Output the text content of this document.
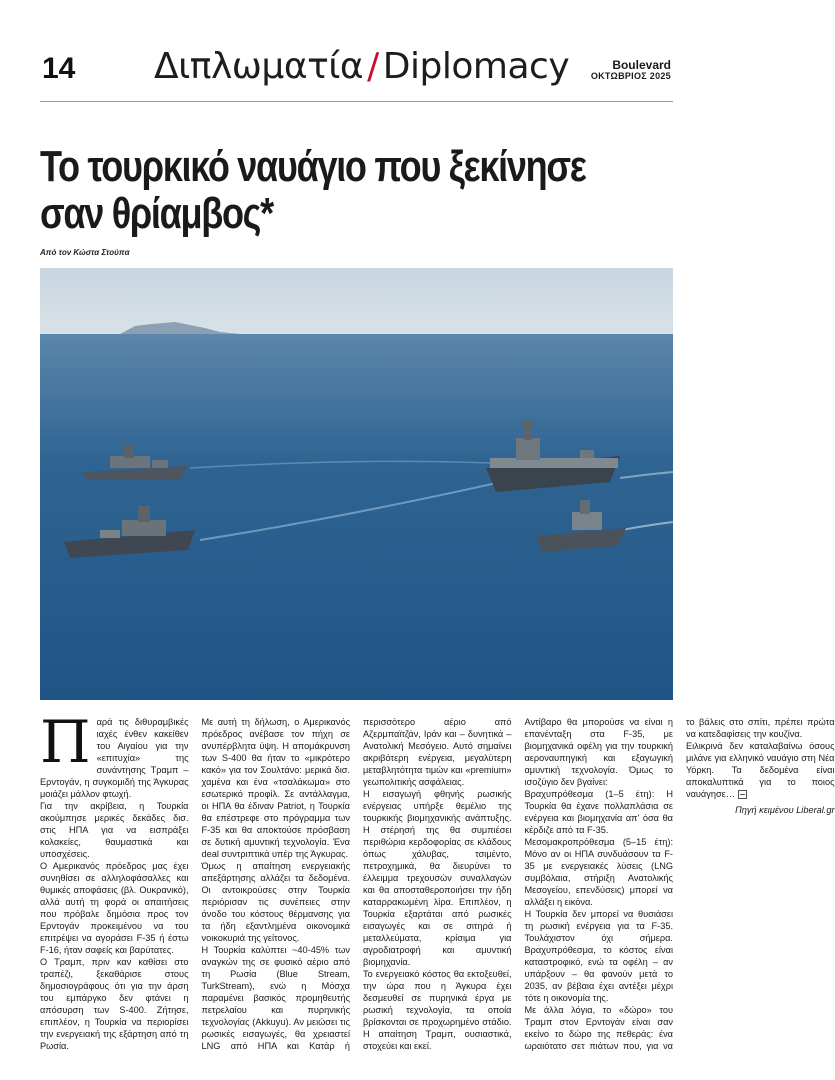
14 Διπλωματία / Diplomacy	Boulevard
ΟΚΤΩΒΡΙΟΣ 2025
Το τουρκικό ναυάγιο που ξεκίνησε
σαν θρίαμβος*
Από τον Κώστα Στούπα

Παρά τις διθυραμβικές ιαχές ένθεν κακείθεν του Αιγαίου για την «επιτυχία» της συνάντησης Τραμπ – Ερντογάν, η συγκομιδή της Άγκυρας μοιάζει μάλλον φτωχή.

Για την ακρίβεια, η Τουρκία ακούμπησε μερικές δεκάδες δισ. στις ΗΠΑ για να εισπράξει κολακείες, θαυμαστικά και υποσχέσεις.

Ο Αμερικανός πρόεδρος μας έχει συνηθίσει σε αλληλοφάσαλλες και θυμικές αποφάσεις (βλ. Ουκρανικό), αλλά αυτή τη φορά οι απαιτήσεις που πρόβαλε δημόσια προς τον Ερντογάν προκειμένου να του επιτρέψει να αγοράσει F-35 ή έστω F-16, ήταν σαφείς και βαρύτατες.

Ο Τραμπ, πριν καν καθίσει στο τραπέζι, ξεκαθάρισε στους δημοσιογράφους ότι για την άρση του εμπάργκο δεν φτάνει η απόσυρση των S-400. Ζήτησε, επιπλέον, η Τουρκία να περιορίσει την ενεργειακή της εξάρτηση από τη Ρωσία.

Με αυτή τη δήλωση, ο Αμερικανός πρόεδρος ανέβασε τον πήχη σε ανυπέρβλητα ύψη. Η απομάκρυνση των S-400 θα ήταν το «μικρότερο κακό» για τον Σουλτάνο: μερικά δισ. χαμένα και ένα «τσαλάκωμα» στο εσωτερικό προφίλ. Σε αντάλλαγμα, οι ΗΠΑ θα έδιναν Patriot, η Τουρκία θα επέστρεφε στο πρόγραμμα των F-35 και θα αποκτούσε πρόσβαση σε δυτική αμυντική τεχνολογία. Ένα deal συντριπτικά υπέρ της Άγκυρας.

Όμως η απαίτηση ενεργειακής απεξάρτησης αλλάζει τα δεδομένα. Οι αντοικρούσες στην Τουρκία περιόρισαν τις συνέπειες στην άνοδο του κόστους θέρμανσης για τα ήδη εξαντλημένα οικονομικά νοικοκυριά της γείτονος.

Η Τουρκία καλύπτει ~40-45% των αναγκών της σε φυσικό αέριο από τη Ρωσία (Blue Stream, TurkStream), ενώ η Μόσχα παραμένει βασικός προμηθευτής πετρελαίου και πυρηνικής τεχνολογίας (Akkuyu). Αν μειώσει τις ρωσικές εισαγωγές, θα χρειαστεί LNG από ΗΠΑ και Κατάρ ή περισσότερο αέριο από Αζερμπαϊτζάν, Ιράν και – δυνητικά – Ανατολική Μεσόγειο. Αυτό σημαίνει ακριβότερη ενέργεια, μεγαλύτερη μεταβλητότητα τιμών και «premium» γεωπολιτικής ασφάλειας.

Η εισαγωγή φθηνής ρωσικής ενέργειας υπήρξε θεμέλιο της τουρκικής βιομηχανικής ανάπτυξης. Η στέρησή της θα συμπιέσει περιθώρια κερδοφορίας σε κλάδους όπως χάλυβας, τσιμέντο, πετροχημικά, θα διευρύνει το έλλειμμα τρεχουσών συναλλαγών και θα αποσταθεροποιήσει την ήδη καταρρακωμένη λίρα. Επιπλέον, η Τουρκία εξαρτάται από ρωσικές εισαγωγές και σε σιτηρά ή μεταλλεύματα, κρίσιμα για αγροδιατροφή και αμυντική βιομηχανία.

Το ενεργειακό κόστος θα εκτοξευθεί, την ώρα που η Άγκυρα έχει δεσμευθεί σε πυρηνικά έργα με ρωσική τεχνολογία, τα οποία βρίσκονται σε προχωρημένο στάδιο. Η απαίτηση Τραμπ, ουσιαστικά, στοχεύει και εκεί.

Αντίβαρο θα μπορούσε να είναι η επανένταξη στα F-35, με βιομηχανικά οφέλη για την τουρκική αεροναυπηγική και εξαγωγική αμυντική τεχνολογία. Όμως το ισοζύγιο δεν βγαίνει:

Βραχυπρόθεσμα (1–5 έτη): Η Τουρκία θα έχανε πολλαπλάσια σε ενέργεια και βιομηχανία απ' όσα θα κέρδιζε από τα F-35.

Μεσομακροπρόθεσμα (5–15 έτη): Μόνο αν οι ΗΠΑ συνδυάσουν τα F-35 με ενεργειακές λύσεις (LNG συμβόλαια, στήριξη Ανατολικής Μεσογείου, επενδύσεις) μπορεί να αλλάξει η εικόνα.

Η Τουρκία δεν μπορεί να θυσιάσει τη ρωσική ενέργεια για τα F-35. Τουλάχιστον όχι σήμερα. Βραχυπρόθεσμα, το κόστος είναι καταστροφικό, ενώ τα οφέλη – αν υπάρξουν – θα φανούν μετά το 2035, αν βέβαια έχει αντέξει μέχρι τότε η οικονομία της.

Με άλλα λόγια, το «δώρο» του Τραμπ στον Ερντογάν είναι σαν εκείνο το δώρο της πεθεράς: ένα ωραιότατο σετ πιάτων που, για να το βάλεις στο σπίτι, πρέπει πρώτα να κατεδαφίσεις την κουζίνα.

Ειλικρινά δεν καταλαβαίνω όσους μιλάνε για ελληνικό ναυάγιο στη Νέα Υόρκη. Τα δεδομένα είναι αποκαλυπτικά για το ποιος ναυάγησε…

Πηγή κειμένου Liberal.gr
